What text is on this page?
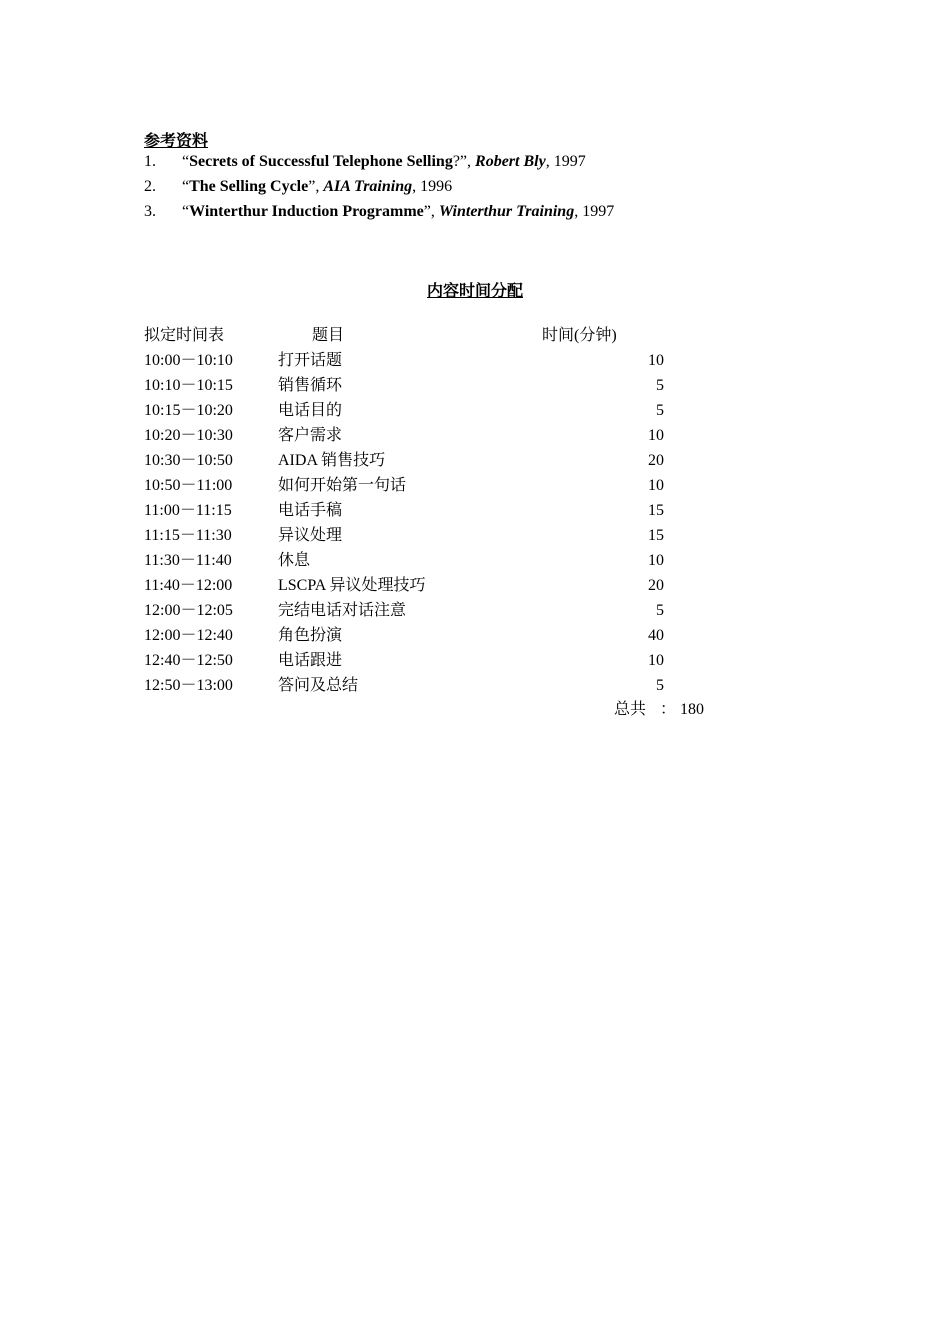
参考资料
1. “Secrets of Successful Telephone Selling?”, Robert Bly, 1997
2. “The Selling Cycle”, AIA Training, 1996
3. “Winterthur Induction Programme”, Winterthur Training, 1997
内容时间分配
拟定时间表	题目	时间(分钟)
10:00－10:10	打开话题	10
10:10－10:15	销售循环	5
10:15－10:20	电话目的	5
10:20－10:30	客户需求	10
10:30－10:50	AIDA 销售技巧	20
10:50－11:00	如何开始第一句话	10
11:00－11:15	电话手稿	15
11:15－11:30	异议处理	15
11:30－11:40	休息	10
11:40－12:00	LSCPA 异议处理技巧	20
12:00－12:05	完结电话对话注意	5
12:00－12:40	角色扮演	40
12:40－12:50	电话跟进	10
12:50－13:00	答问及总结	5
总共 ： 180
